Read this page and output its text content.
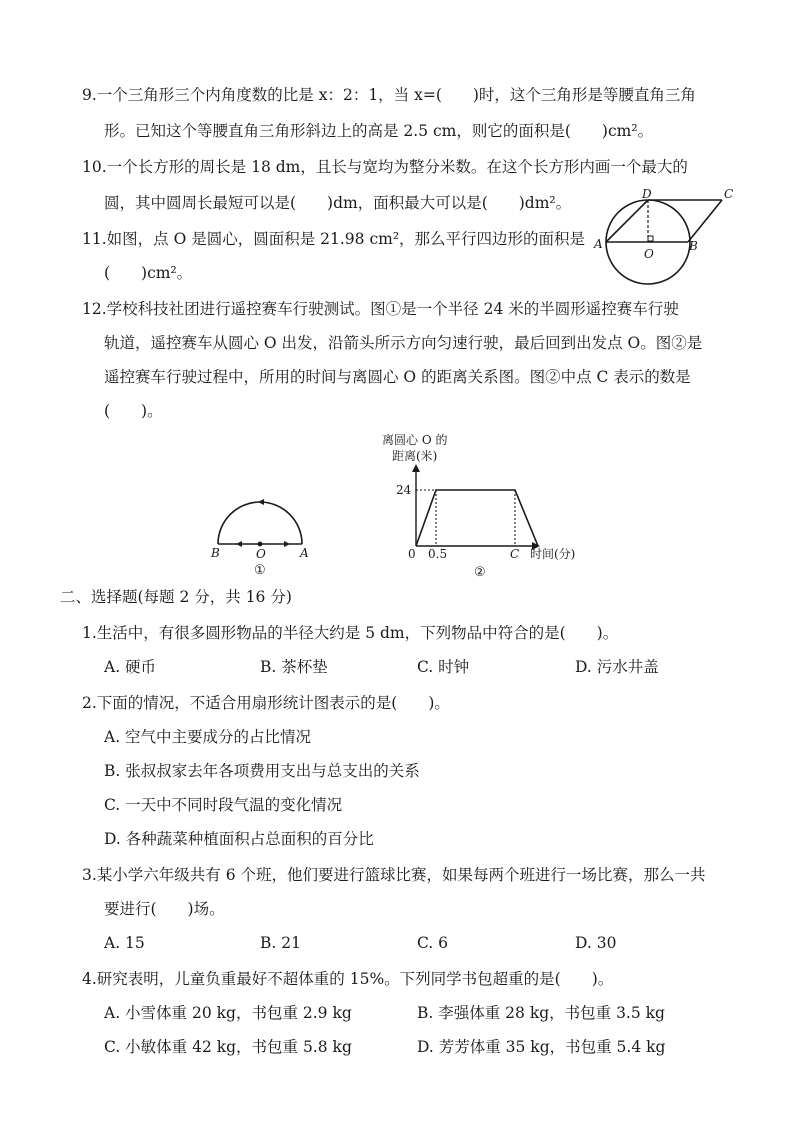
9.一个三角形三个内角度数的比是 x：2：1，当 x=(　　)时，这个三角形是等腰直角三角
形。已知这个等腰直角三角形斜边上的高是 2.5 cm，则它的面积是(　　)cm²。
10.一个长方形的周长是 18 dm，且长与宽均为整分米数。在这个长方形内画一个最大的
圆，其中圆周长最短可以是(　　)dm，面积最大可以是(　　)dm²。
11.如图，点 O 是圆心，圆面积是 21.98 cm²，那么平行四边形的面积是
(　　)cm²。
D	C
A	B
O
12.学校科技社团进行遥控赛车行驶测试。图①是一个半径 24 米的半圆形遥控赛车行驶
轨道，遥控赛车从圆心 O 出发，沿箭头所示方向匀速行驶，最后回到出发点 O。图②是
遥控赛车行驶过程中，所用的时间与离圆心 O 的距离关系图。图②中点 C 表示的数是
(　　)。
B	O	A
①
离圆心 O 的
距离(米)
24
0 0.5	C 时间(分)
②
二、选择题(每题 2 分，共 16 分)
1.生活中，有很多圆形物品的半径大约是 5 dm，下列物品中符合的是(　　)。
A. 硬币	B. 茶杯垫	C. 时钟	D. 污水井盖
2.下面的情况，不适合用扇形统计图表示的是(　　)。
A. 空气中主要成分的占比情况
B. 张叔叔家去年各项费用支出与总支出的关系
C. 一天中不同时段气温的变化情况
D. 各种蔬菜种植面积占总面积的百分比
3.某小学六年级共有 6 个班，他们要进行篮球比赛，如果每两个班进行一场比赛，那么一共
要进行(　　)场。
A. 15	B. 21	C. 6	D. 30
4.研究表明，儿童负重最好不超体重的 15%。下列同学书包超重的是(　　)。
A. 小雪体重 20 kg，书包重 2.9 kg	B. 李强体重 28 kg，书包重 3.5 kg
C. 小敏体重 42 kg，书包重 5.8 kg	D. 芳芳体重 35 kg，书包重 5.4 kg
